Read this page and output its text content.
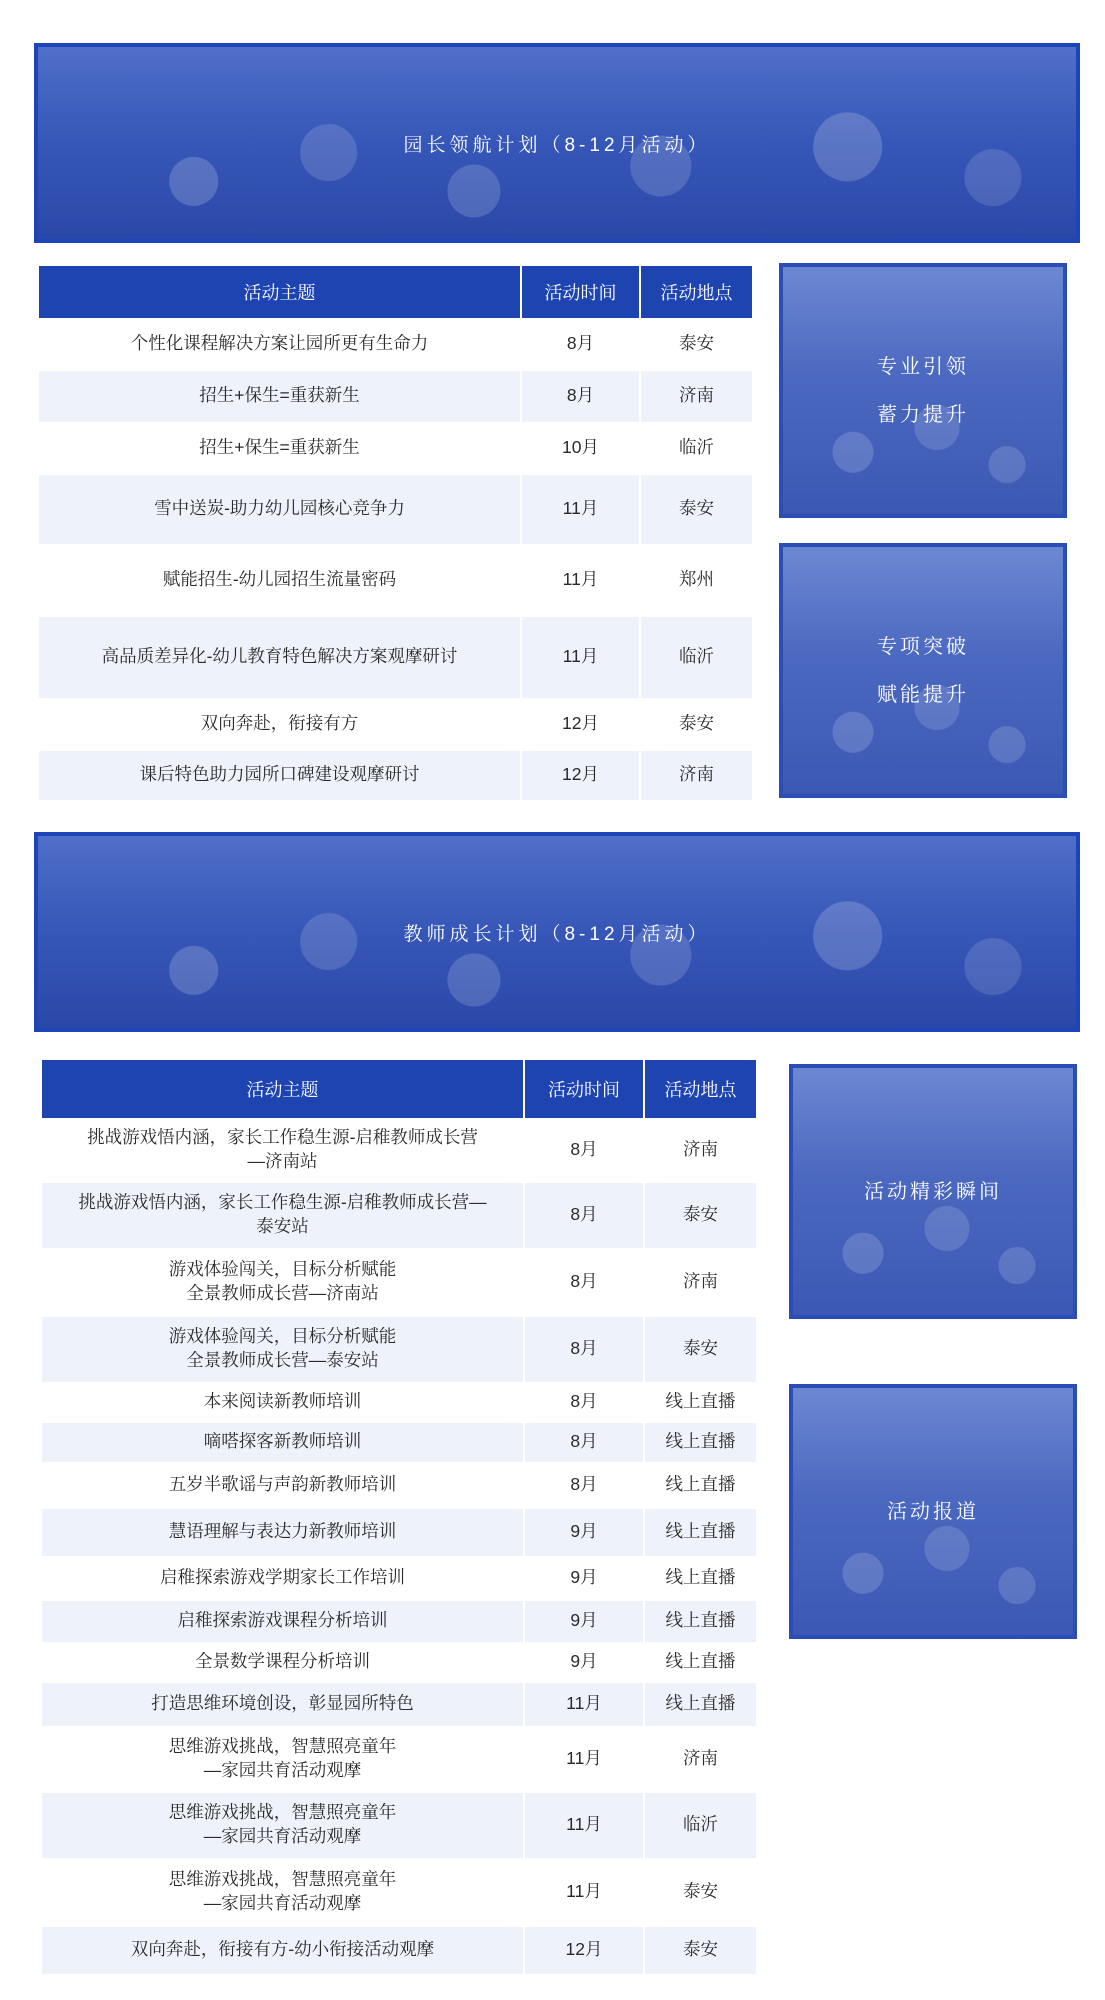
园长领航计划（8-12月活动）
活动主题	活动时间	活动地点
个性化课程解决方案让园所更有生命力	8月	泰安
招生+保生=重获新生	8月	济南
招生+保生=重获新生	10月	临沂
雪中送炭-助力幼儿园核心竞争力	11月	泰安
赋能招生-幼儿园招生流量密码	11月	郑州
高品质差异化-幼儿教育特色解决方案观摩研讨	11月	临沂
双向奔赴，衔接有方	12月	泰安
课后特色助力园所口碑建设观摩研讨	12月	济南
专业引领
蓄力提升
专项突破
赋能提升
教师成长计划（8-12月活动）
活动主题	活动时间	活动地点
挑战游戏悟内涵，家长工作稳生源-启稚教师成长营
—济南站	8月	济南
挑战游戏悟内涵，家长工作稳生源-启稚教师成长营—
泰安站	8月	泰安
游戏体验闯关，目标分析赋能
全景教师成长营—济南站	8月	济南
游戏体验闯关，目标分析赋能
全景教师成长营—泰安站	8月	泰安
本来阅读新教师培训	8月	线上直播
嘀嗒探客新教师培训	8月	线上直播
五岁半歌谣与声韵新教师培训	8月	线上直播
慧语理解与表达力新教师培训	9月	线上直播
启稚探索游戏学期家长工作培训	9月	线上直播
启稚探索游戏课程分析培训	9月	线上直播
全景数学课程分析培训	9月	线上直播
打造思维环境创设，彰显园所特色	11月	线上直播
思维游戏挑战，智慧照亮童年
—家园共育活动观摩	11月	济南
思维游戏挑战，智慧照亮童年
—家园共育活动观摩	11月	临沂
思维游戏挑战，智慧照亮童年
—家园共育活动观摩	11月	泰安
双向奔赴，衔接有方-幼小衔接活动观摩	12月	泰安
活动精彩瞬间
活动报道
